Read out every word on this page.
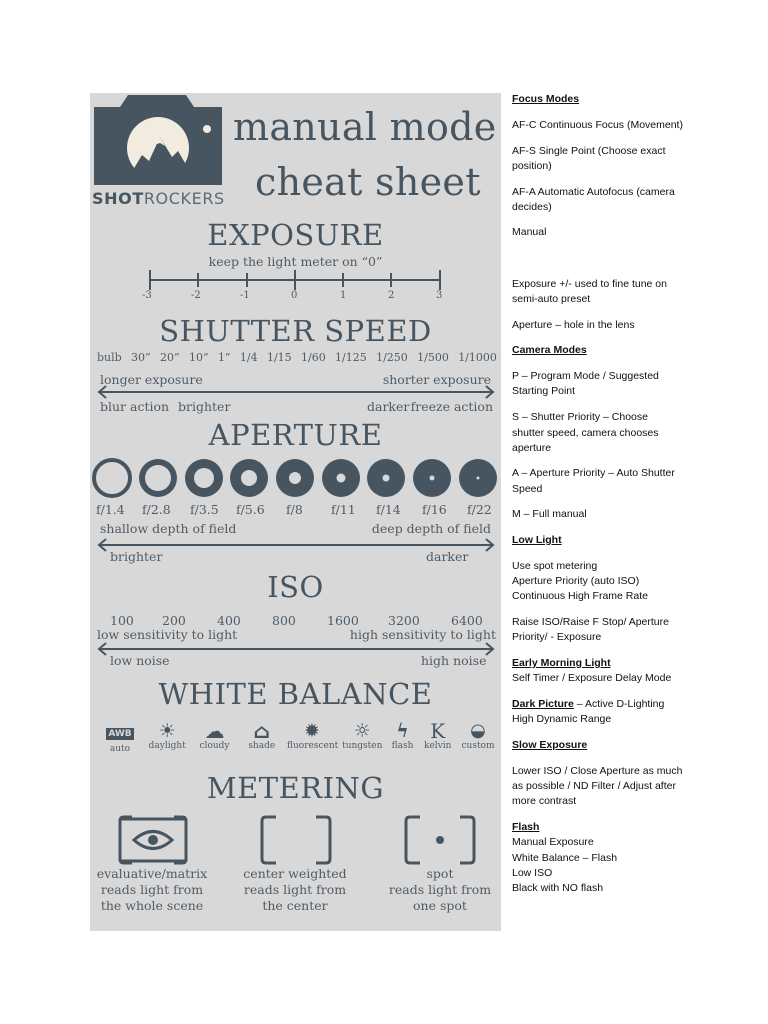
SHOTROCKERS
manual mode
cheat sheet
EXPOSURE
keep the light meter on “0”
-3	-2	-1	0	1	2	3
SHUTTER SPEED
bulb 30” 20” 10” 1” 1/4 1/15 1/60 1/125 1/250 1/500 1/1000
longer exposure	shorter exposure
blur action brighter	darker freeze action
APERTURE
f/1.4 f/2.8 f/3.5 f/5.6 f/8 f/11 f/14 f/16 f/22
shallow depth of field	deep depth of field
brighter	darker
ISO
100 200 400 800 1600 3200 6400
low sensitivity to light	high sensitivity to light
low noise	high noise
WHITE BALANCE
AWB
auto
☀
daylight
☁
cloudy
⌂
shade
✹
fluorescent
☼
tungsten
ϟ
flash
K
kelvin
◒
custom
METERING
evaluative/matrix
reads light from
the whole scene
center weighted
reads light from
the center
spot
reads light from
one spot
Focus Modes
AF-C Continuous Focus (Movement)
AF-S Single Point (Choose exact
position)
AF-A Automatic Autofocus (camera
decides)
Manual
Exposure +/- used to fine tune on
semi-auto preset
Aperture – hole in the lens
Camera Modes
P – Program Mode / Suggested
Starting Point
S – Shutter Priority – Choose
shutter speed, camera chooses
aperture
A – Aperture Priority – Auto Shutter
Speed
M – Full manual
Low Light
Use spot metering
Aperture Priority (auto ISO)
Continuous High Frame Rate
Raise ISO/Raise F Stop/ Aperture
Priority/ - Exposure
Early Morning Light
Self Timer / Exposure Delay Mode
Dark Picture – Active D-Lighting
High Dynamic Range
Slow Exposure
Lower ISO / Close Aperture as much
as possible / ND Filter / Adjust after
more contrast
Flash
Manual Exposure
White Balance – Flash
Low ISO
Black with NO flash
